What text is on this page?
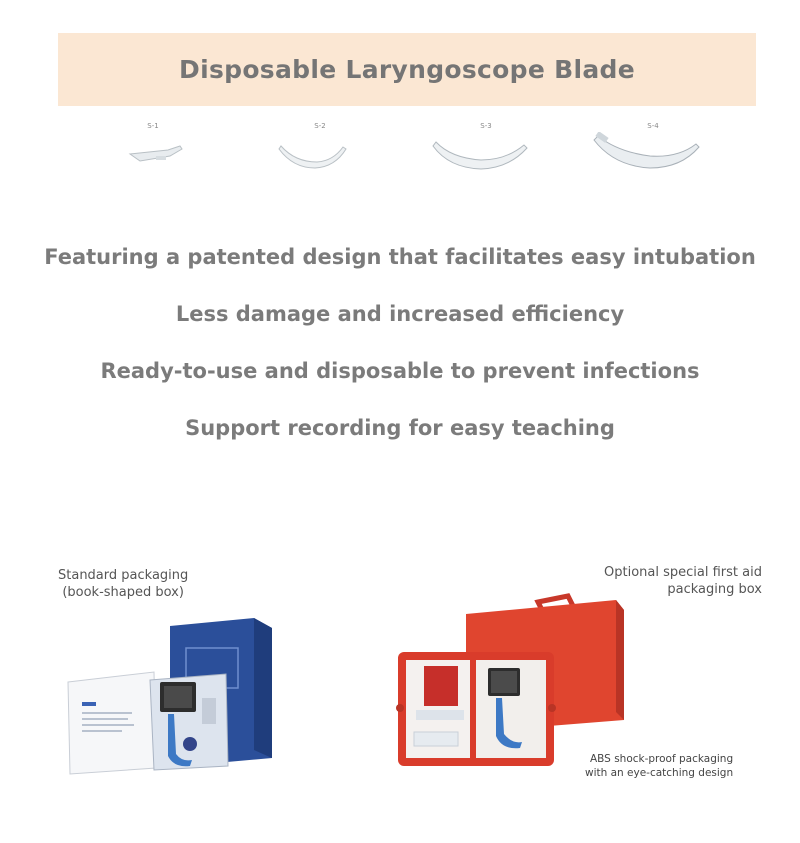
Disposable Laryngoscope Blade
S-1	S-2	S-3	S-4

Featuring a patented design that facilitates easy intubation

Less damage and increased efficiency

Ready-to-use and disposable to prevent infections

Support recording for easy teaching

Standard packaging
(book-shaped box)
Optional special first aid
packaging box
ABS shock-proof packaging
with an eye-catching design
